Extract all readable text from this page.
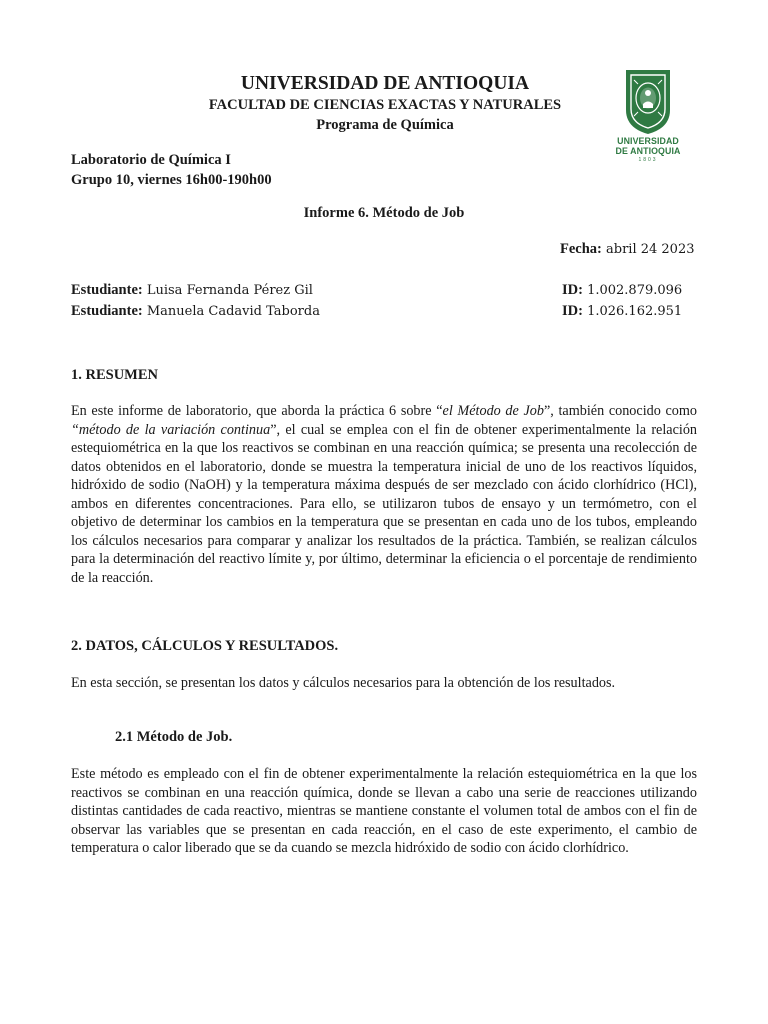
UNIVERSIDAD DE ANTIOQUIA
FACULTAD DE CIENCIAS EXACTAS Y NATURALES
Programa de Química
UNIVERSIDAD
DE ANTIOQUIA
1803
Laboratorio de Química I
Grupo 10, viernes 16h00-190h00
Informe 6. Método de Job
Fecha: abril 24 2023
Estudiante: Luisa Fernanda Pérez Gil	ID: 1.002.879.096
Estudiante: Manuela Cadavid Taborda	ID: 1.026.162.951
1. RESUMEN
En este informe de laboratorio, que aborda la práctica 6 sobre “el Método de Job”, también conocido como “método de la variación continua”, el cual se emplea con el fin de obtener experimentalmente la relación estequiométrica en la que los reactivos se combinan en una reacción química; se presenta una recolección de datos obtenidos en el laboratorio, donde se muestra la temperatura inicial de uno de los reactivos líquidos, hidróxido de sodio (NaOH) y la temperatura máxima después de ser mezclado con ácido clorhídrico (HCl), ambos en diferentes concentraciones. Para ello, se utilizaron tubos de ensayo y un termómetro, con el objetivo de determinar los cambios en la temperatura que se presentan en cada uno de los tubos, empleando los cálculos necesarios para comparar y analizar los resultados de la práctica. También, se realizan cálculos para la determinación del reactivo límite y, por último, determinar la eficiencia o el porcentaje de rendimiento de la reacción.
2. DATOS, CÁLCULOS Y RESULTADOS.
En esta sección, se presentan los datos y cálculos necesarios para la obtención de los resultados.
2.1 Método de Job.
Este método es empleado con el fin de obtener experimentalmente la relación estequiométrica en la que los reactivos se combinan en una reacción química, donde se llevan a cabo una serie de reacciones utilizando distintas cantidades de cada reactivo, mientras se mantiene constante el volumen total de ambos con el fin de observar las variables que se presentan en cada reacción, en el caso de este experimento, el cambio de temperatura o calor liberado que se da cuando se mezcla hidróxido de sodio con ácido clorhídrico.
